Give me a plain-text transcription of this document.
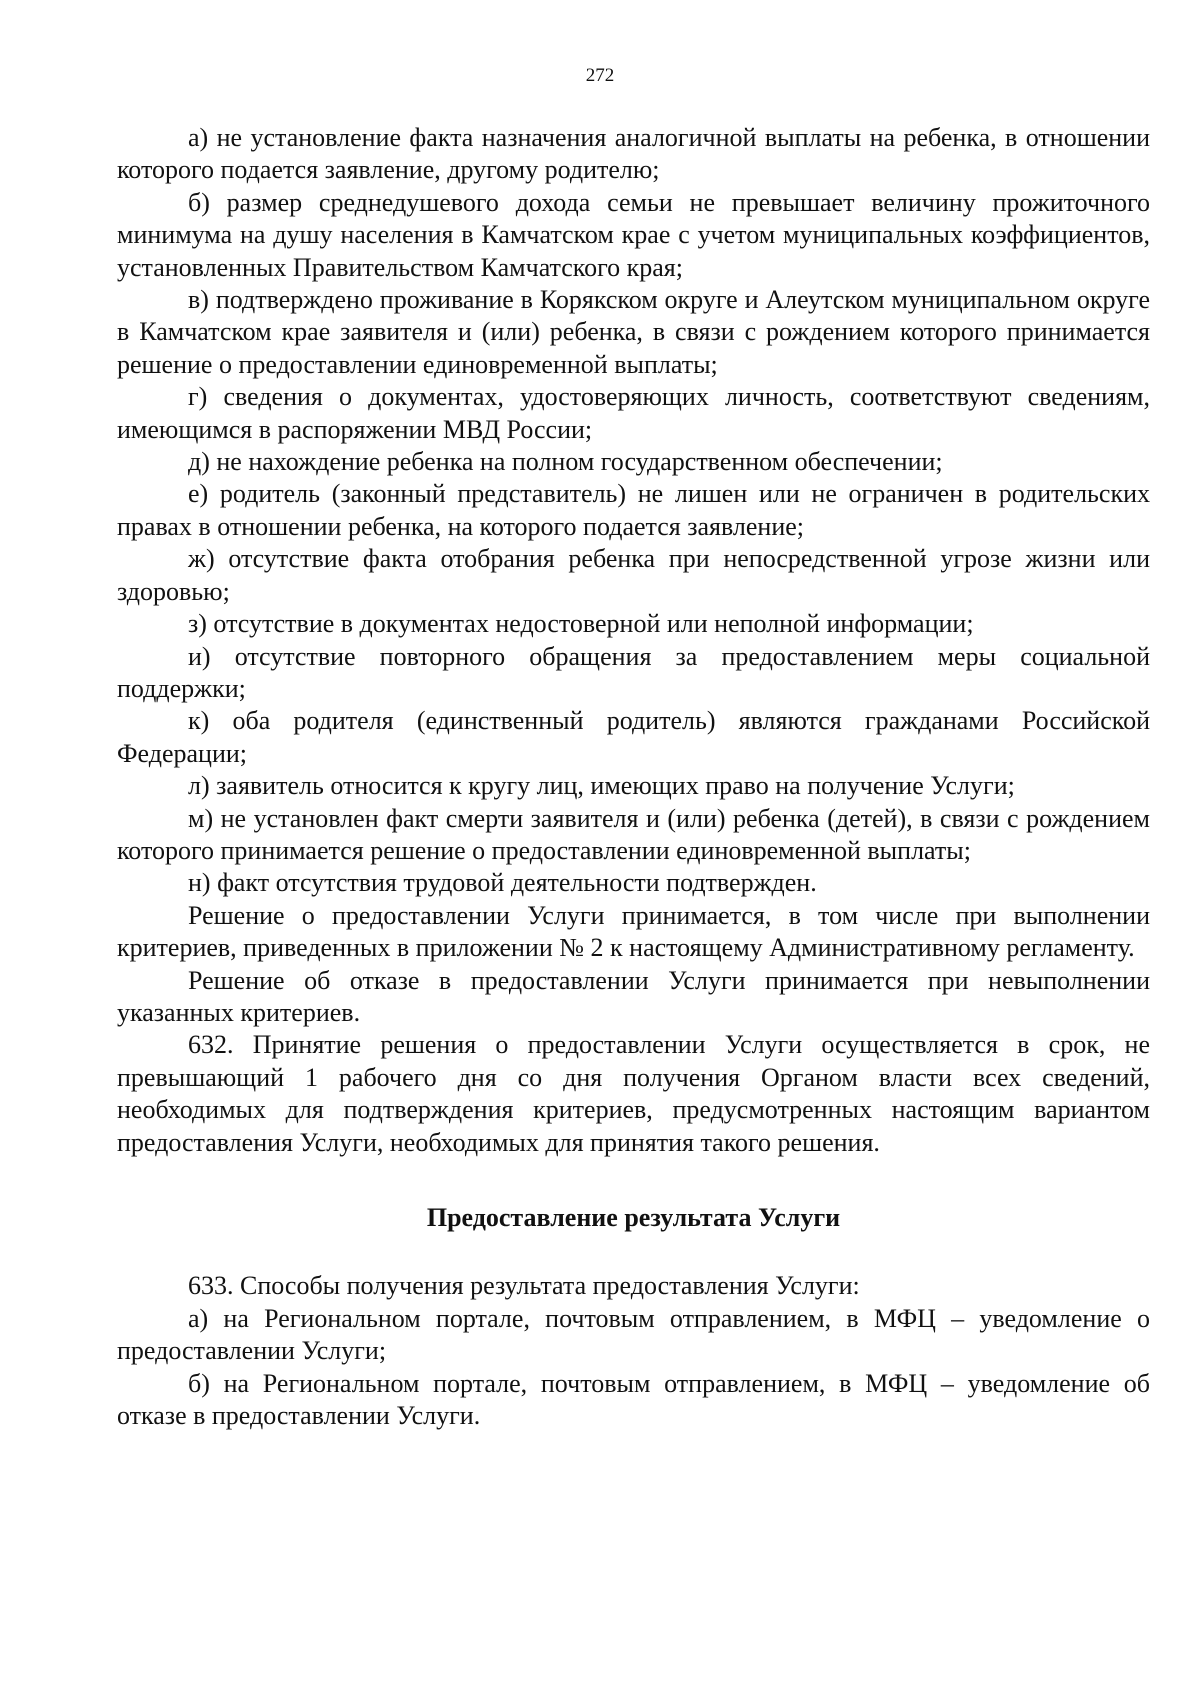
272

а) не установление факта назначения аналогичной выплаты на ребенка, в отношении которого подается заявление, другому родителю;

б) размер среднедушевого дохода семьи не превышает величину прожиточного минимума на душу населения в Камчатском крае с учетом муниципальных коэффициентов, установленных Правительством Камчатского края;

в) подтверждено проживание в Корякском округе и Алеутском муниципальном округе в Камчатском крае заявителя и (или) ребенка, в связи с рождением которого принимается решение о предоставлении единовременной выплаты;

г) сведения о документах, удостоверяющих личность, соответствуют сведениям, имеющимся в распоряжении МВД России;

д) не нахождение ребенка на полном государственном обеспечении;

е) родитель (законный представитель) не лишен или не ограничен в родительских правах в отношении ребенка, на которого подается заявление;

ж) отсутствие факта отобрания ребенка при непосредственной угрозе жизни или здоровью;

з) отсутствие в документах недостоверной или неполной информации;

и) отсутствие повторного обращения за предоставлением меры социальной поддержки;

к) оба родителя (единственный родитель) являются гражданами Российской Федерации;

л) заявитель относится к кругу лиц, имеющих право на получение Услуги;

м) не установлен факт смерти заявителя и (или) ребенка (детей), в связи с рождением которого принимается решение о предоставлении единовременной выплаты;

н) факт отсутствия трудовой деятельности подтвержден.

Решение о предоставлении Услуги принимается, в том числе при выполнении критериев, приведенных в приложении № 2 к настоящему Административному регламенту.

Решение об отказе в предоставлении Услуги принимается при невыполнении указанных критериев.

632. Принятие решения о предоставлении Услуги осуществляется в срок, не превышающий 1 рабочего дня со дня получения Органом власти всех сведений, необходимых для подтверждения критериев, предусмотренных настоящим вариантом предоставления Услуги, необходимых для принятия такого решения.

Предоставление результата Услуги

633. Способы получения результата предоставления Услуги:

а) на Региональном портале, почтовым отправлением, в МФЦ – уведомление о предоставлении Услуги;

б) на Региональном портале, почтовым отправлением, в МФЦ – уведомление об отказе в предоставлении Услуги.
